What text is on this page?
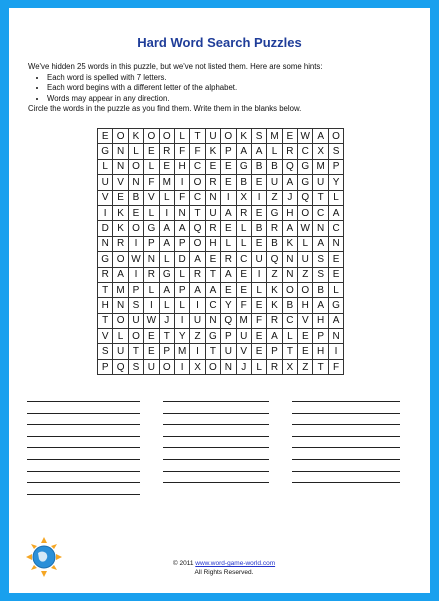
Hard Word Search Puzzles

We've hidden 25 words in this puzzle, but we've not listed them. Here are some hints:

• Each word is spelled with 7 letters.
• Each word begins with a different letter of the alphabet.
• Words may appear in any direction.

Circle the words in the puzzle as you find them. Write them in the blanks below.

E	O	K	O	O	L	T	U	O	K	S	M	E	W	A	O
G	N	L	E	R	F	F	K	P	A	A	L	R	C	X	S
L	N	O	L	E	H	C	E	E	G	B	B	Q	G	M	P
U	V	N	F	M	I	O	R	E	B	E	U	A	G	U	Y
V	E	B	V	L	F	C	N	I	X	I	Z	J	Q	T	L
I	K	E	L	I	N	T	U	A	R	E	G	H	O	C	A
D	K	O	G	A	A	Q	R	E	L	B	R	A	W	N	C
N	R	I	P	A	P	O	H	L	L	E	B	K	L	A	N
G	O	W	N	L	D	A	E	R	C	U	Q	N	U	S	E
R	A	I	R	G	L	R	T	A	E	I	Z	N	Z	S	E
T	M	P	L	A	P	A	A	E	E	L	K	O	O	B	L
H	N	S	I	L	L	I	C	Y	F	E	K	B	H	A	G
T	O	U	W	J	I	U	N	Q	M	F	R	C	V	H	A
V	L	O	E	T	Y	Z	G	P	U	E	A	L	E	P	N
S	U	T	E	P	M	I	T	U	V	E	P	T	E	H	I
P	Q	S	U	O	I	X	O	N	J	L	R	X	Z	T	F
© 2011 www.word-game-world.com
All Rights Reserved.
